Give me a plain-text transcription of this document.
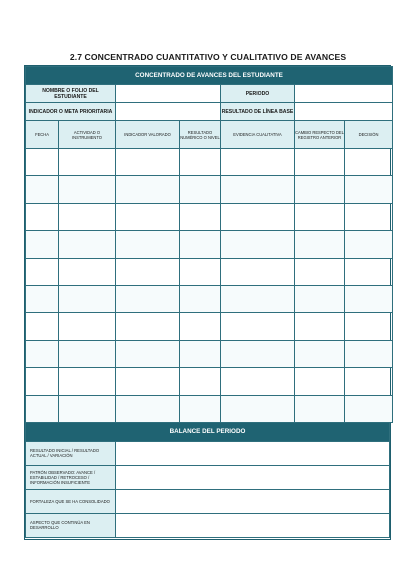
2.7 CONCENTRADO CUANTITATIVO Y CUALITATIVO DE AVANCES
CONCENTRADO DE AVANCES DEL ESTUDIANTE						
NOMBRE O FOLIO DEL ESTUDIANTE				PERIODO		
INDICADOR O META PRIORITARIA				RESULTADO DE LÍNEA BASE		
FECHA	ACTIVIDAD O INSTRUMENTO	INDICADOR VALORADO	RESULTADO NUMÉRICO O NIVEL	EVIDENCIA CUALITATIVA	CAMBIO RESPECTO DEL REGISTRO ANTERIOR	DECISIÓN

BALANCE DEL PERIODO	
RESULTADO INICIAL / RESULTADO ACTUAL / VARIACIÓN	
PATRÓN OBSERVADO: AVANCE / ESTABILIDAD / RETROCESO / INFORMACIÓN INSUFICIENTE	
FORTALEZA QUE SE HA CONSOLIDADO	
ASPECTO QUE CONTINÚA EN DESARROLLO	
